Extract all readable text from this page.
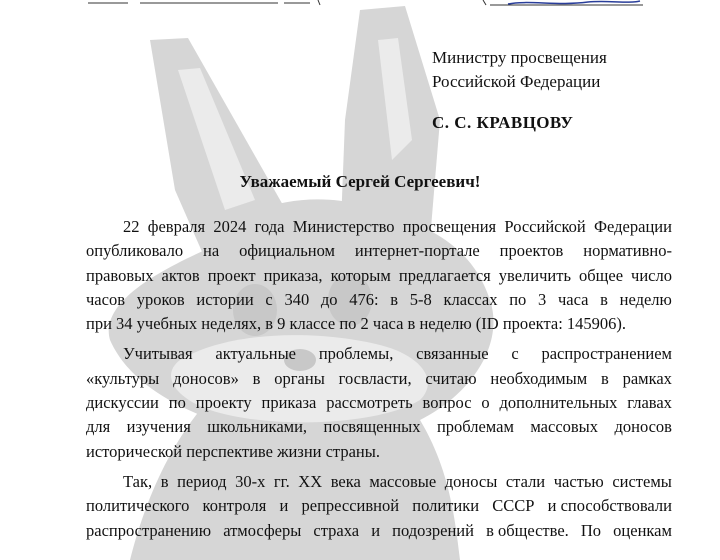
Министру просвещения
Российской Федерации
С. С. КРАВЦОВУ
Уважаемый Сергей Сергеевич!
22 февраля 2024 года Министерство просвещения Российской Федерации
опубликовало на официальном интернет-портале проектов нормативно-
правовых актов проект приказа, которым предлагается увеличить общее число
часов уроков истории с 340 до 476: в 5-8 классах по 3 часа в неделю
при 34 учебных неделях, в 9 классе по 2 часа в неделю (ID проекта: 145906).
Учитывая актуальные проблемы, связанные с распространением
«культуры доносов» в органы госвласти, считаю необходимым в рамках
дискуссии по проекту приказа рассмотреть вопрос о дополнительных главах
для изучения школьниками, посвященных проблемам массовых доносов
исторической перспективе жизни страны.
Так, в период 30-х гг. XX века массовые доносы стали частью системы
политического контроля и репрессивной политики СССР и способствовали
распространению атмосферы страха и подозрений в обществе. По оценкам
